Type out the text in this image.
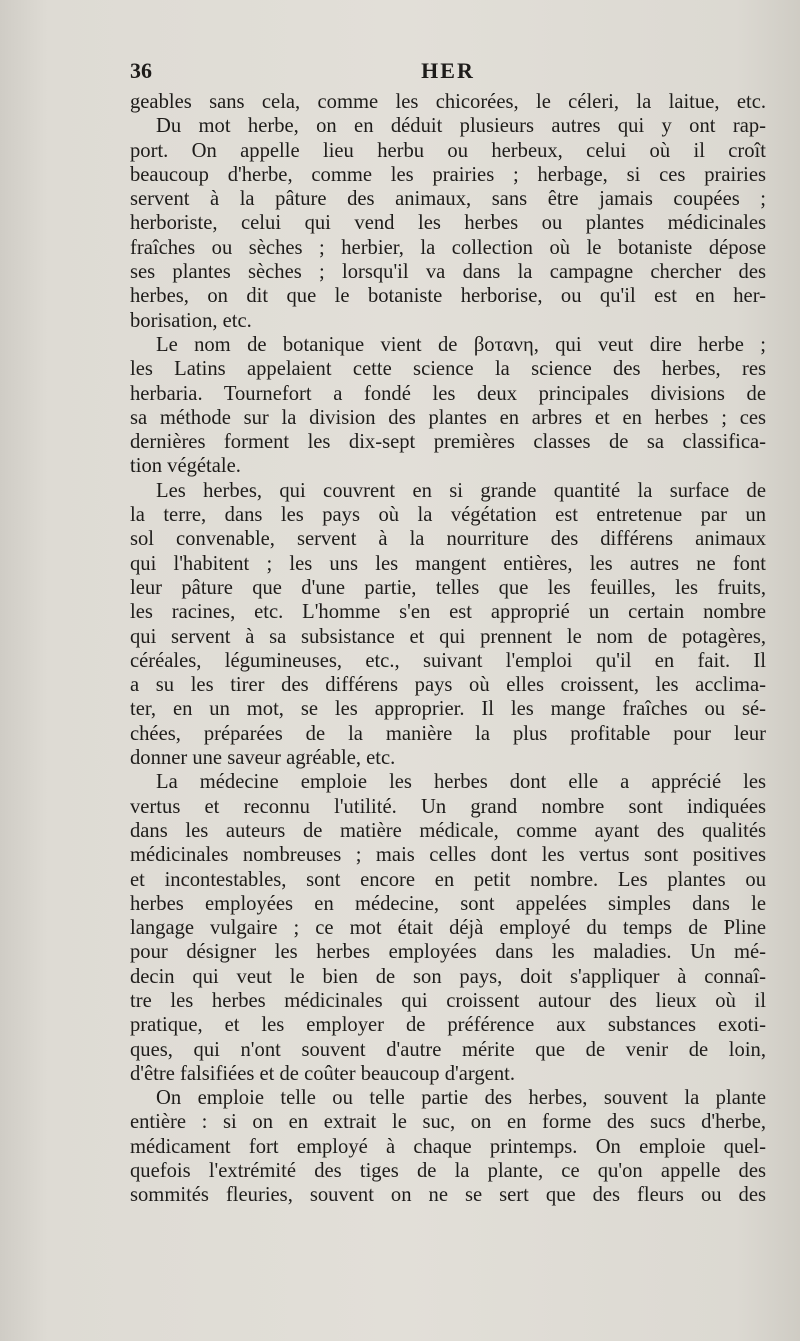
36	HER
geables sans cela, comme les chicorées, le céleri, la laitue, etc.
Du mot herbe, on en déduit plusieurs autres qui y ont rap-
port. On appelle lieu herbu ou herbeux, celui où il croît
beaucoup d'herbe, comme les prairies ; herbage, si ces prairies
servent à la pâture des animaux, sans être jamais coupées ;
herboriste, celui qui vend les herbes ou plantes médicinales
fraîches ou sèches ; herbier, la collection où le botaniste dépose
ses plantes sèches ; lorsqu'il va dans la campagne chercher des
herbes, on dit que le botaniste herborise, ou qu'il est en her-
borisation, etc.
Le nom de botanique vient de βοτανη, qui veut dire herbe ;
les Latins appelaient cette science la science des herbes, res
herbaria. Tournefort a fondé les deux principales divisions de
sa méthode sur la division des plantes en arbres et en herbes ; ces
dernières forment les dix-sept premières classes de sa classifica-
tion végétale.
Les herbes, qui couvrent en si grande quantité la surface de
la terre, dans les pays où la végétation est entretenue par un
sol convenable, servent à la nourriture des différens animaux
qui l'habitent ; les uns les mangent entières, les autres ne font
leur pâture que d'une partie, telles que les feuilles, les fruits,
les racines, etc. L'homme s'en est approprié un certain nombre
qui servent à sa subsistance et qui prennent le nom de potagères,
céréales, légumineuses, etc., suivant l'emploi qu'il en fait. Il
a su les tirer des différens pays où elles croissent, les acclima-
ter, en un mot, se les approprier. Il les mange fraîches ou sé-
chées, préparées de la manière la plus profitable pour leur
donner une saveur agréable, etc.
La médecine emploie les herbes dont elle a apprécié les
vertus et reconnu l'utilité. Un grand nombre sont indiquées
dans les auteurs de matière médicale, comme ayant des qualités
médicinales nombreuses ; mais celles dont les vertus sont positives
et incontestables, sont encore en petit nombre. Les plantes ou
herbes employées en médecine, sont appelées simples dans le
langage vulgaire ; ce mot était déjà employé du temps de Pline
pour désigner les herbes employées dans les maladies. Un mé-
decin qui veut le bien de son pays, doit s'appliquer à connaî-
tre les herbes médicinales qui croissent autour des lieux où il
pratique, et les employer de préférence aux substances exoti-
ques, qui n'ont souvent d'autre mérite que de venir de loin,
d'être falsifiées et de coûter beaucoup d'argent.
On emploie telle ou telle partie des herbes, souvent la plante
entière : si on en extrait le suc, on en forme des sucs d'herbe,
médicament fort employé à chaque printemps. On emploie quel-
quefois l'extrémité des tiges de la plante, ce qu'on appelle des
sommités fleuries, souvent on ne se sert que des fleurs ou des
